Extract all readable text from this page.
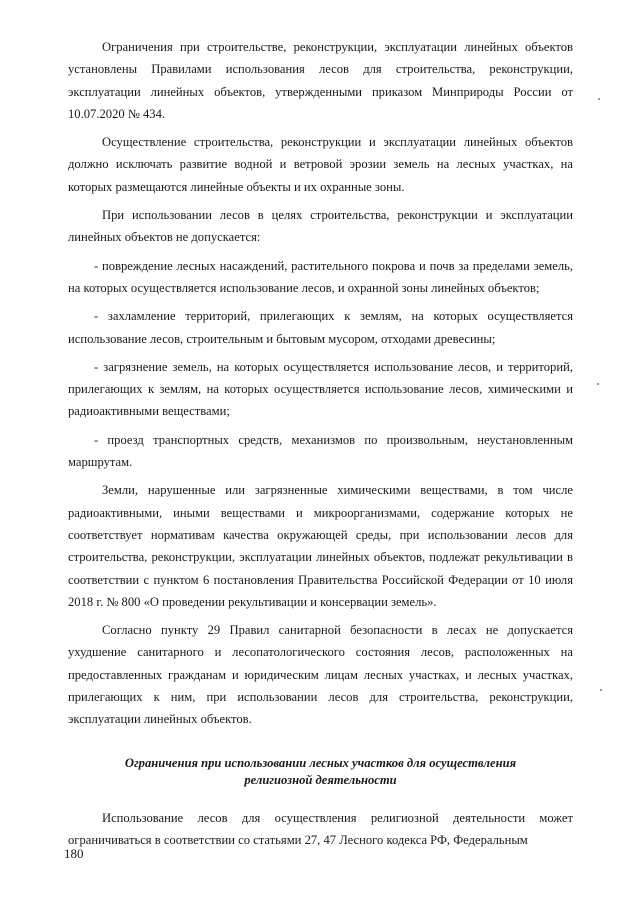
Ограничения при строительстве, реконструкции, эксплуатации линейных объектов установлены Правилами использования лесов для строительства, реконструкции, эксплуатации линейных объектов, утвержденными приказом Минприроды России от 10.07.2020 № 434.

Осуществление строительства, реконструкции и эксплуатации линейных объектов должно исключать развитие водной и ветровой эрозии земель на лесных участках, на которых размещаются линейные объекты и их охранные зоны.

При использовании лесов в целях строительства, реконструкции и эксплуатации линейных объектов не допускается:

- повреждение лесных насаждений, растительного покрова и почв за пределами земель, на которых осуществляется использование лесов, и охранной зоны линейных объектов;

- захламление территорий, прилегающих к землям, на которых осуществляется использование лесов, строительным и бытовым мусором, отходами древесины;

- загрязнение земель, на которых осуществляется использование лесов, и территорий, прилегающих к землям, на которых осуществляется использование лесов, химическими и радиоактивными веществами;

- проезд транспортных средств, механизмов по произвольным, неустановленным маршрутам.

Земли, нарушенные или загрязненные химическими веществами, в том числе радиоактивными, иными веществами и микроорганизмами, содержание которых не соответствует нормативам качества окружающей среды, при использовании лесов для строительства, реконструкции, эксплуатации линейных объектов, подлежат рекультивации в соответствии с пунктом 6 постановления Правительства Российской Федерации от 10 июля 2018 г. № 800 «О проведении рекультивации и консервации земель».

Согласно пункту 29 Правил санитарной безопасности в лесах не допускается ухудшение санитарного и лесопатологического состояния лесов, расположенных на предоставленных гражданам и юридическим лицам лесных участках, и лесных участках, прилегающих к ним, при использовании лесов для строительства, реконструкции, эксплуатации линейных объектов.

Ограничения при использовании лесных участков для осуществления
религиозной деятельности

Использование лесов для осуществления религиозной деятельности может ограничиваться в соответствии со статьями 27, 47 Лесного кодекса РФ, Федеральным

180
